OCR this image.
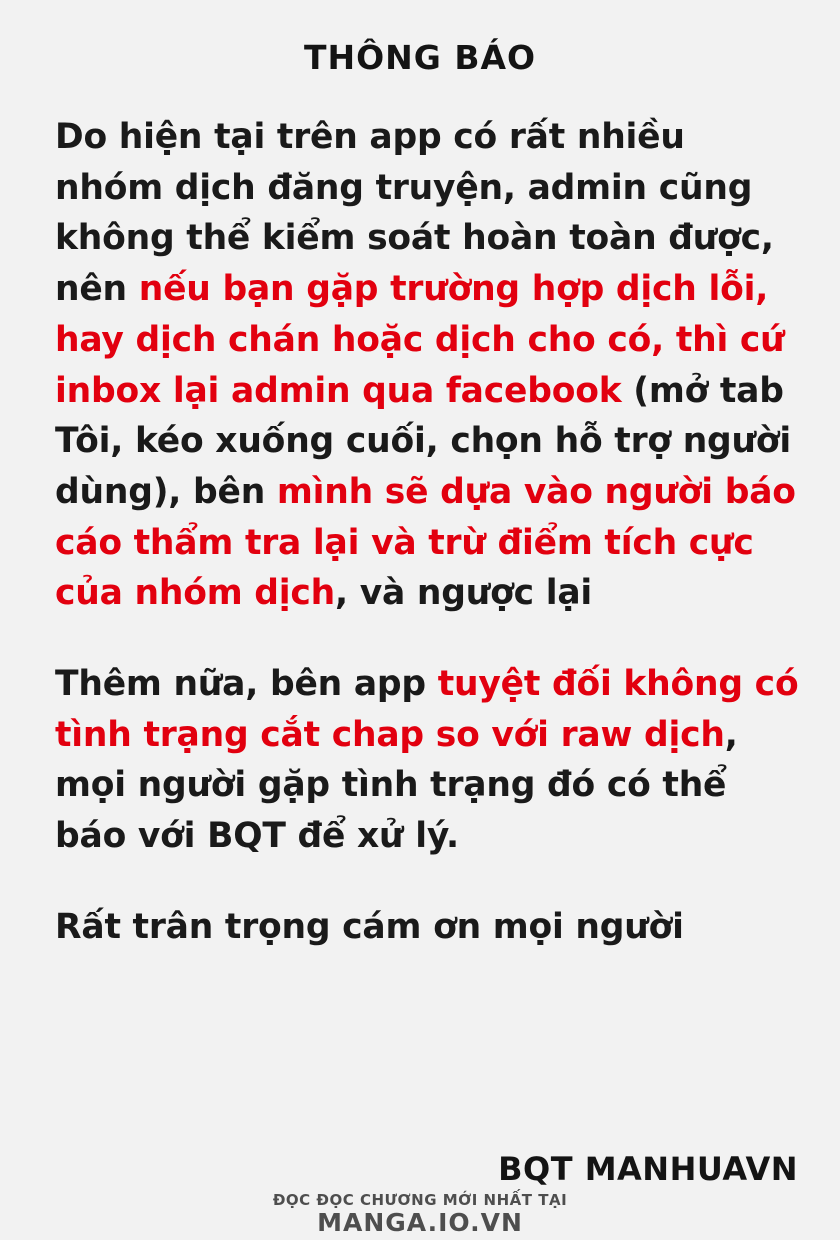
THÔNG BÁO

Do hiện tại trên app có rất nhiều nhóm dịch đăng truyện, admin cũng không thể kiểm soát hoàn toàn được, nên nếu bạn gặp trường hợp dịch lỗi, hay dịch chán hoặc dịch cho có, thì cứ inbox lại admin qua facebook (mở tab Tôi, kéo xuống cuối, chọn hỗ trợ người dùng), bên mình sẽ dựa vào người báo cáo thẩm tra lại và trừ điểm tích cực của nhóm dịch, và ngược lại

Thêm nữa, bên app tuyệt đối không có tình trạng cắt chap so với raw dịch, mọi người gặp tình trạng đó có thể báo với BQT để xử lý.

Rất trân trọng cám ơn mọi người

BQT MANHUAVN
ĐỌC ĐỌC CHƯƠNG MỚI NHẤT TẠI
MANGA.IO.VN
